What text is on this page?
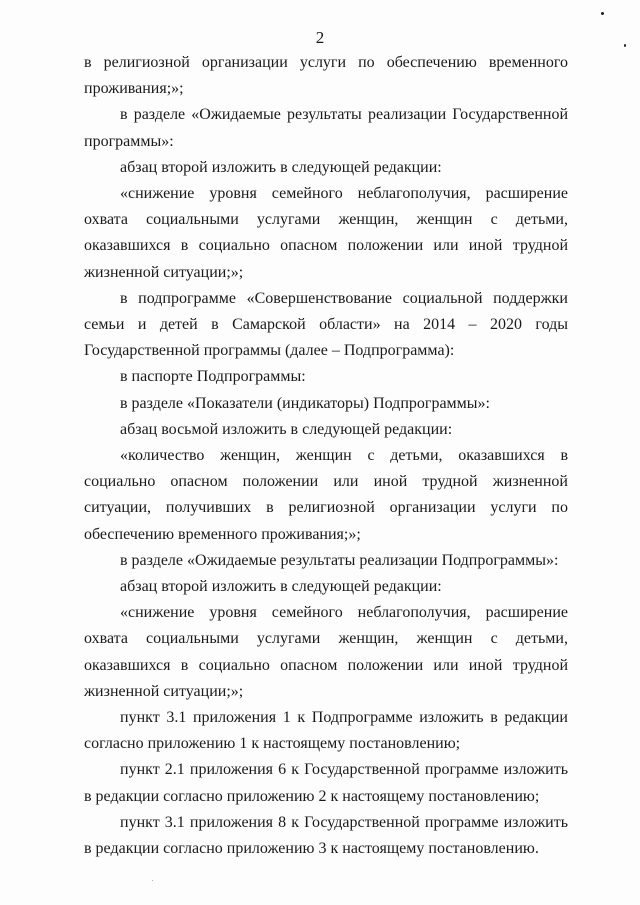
2

в религиозной организации услуги по обеспечению временного проживания;»;

в разделе «Ожидаемые результаты реализации Государственной программы»:

абзац второй изложить в следующей редакции:

«снижение уровня семейного неблагополучия, расширение охвата социальными услугами женщин, женщин с детьми, оказавшихся в социально опасном положении или иной трудной жизненной ситуации;»;

в подпрограмме «Совершенствование социальной поддержки семьи и детей в Самарской области» на 2014 – 2020 годы Государственной программы (далее – Подпрограмма):

в паспорте Подпрограммы:

в разделе «Показатели (индикаторы) Подпрограммы»:

абзац восьмой изложить в следующей редакции:

«количество женщин, женщин с детьми, оказавшихся в социально опасном положении или иной трудной жизненной ситуации, получивших в религиозной организации услуги по обеспечению временного проживания;»;

в разделе «Ожидаемые результаты реализации Подпрограммы»:

абзац второй изложить в следующей редакции:

«снижение уровня семейного неблагополучия, расширение охвата социальными услугами женщин, женщин с детьми, оказавшихся в социально опасном положении или иной трудной жизненной ситуации;»;

пункт 3.1 приложения 1 к Подпрограмме изложить в редакции согласно приложению 1 к настоящему постановлению;

пункт 2.1 приложения 6 к Государственной программе изложить в редакции согласно приложению 2 к настоящему постановлению;

пункт 3.1 приложения 8 к Государственной программе изложить в редакции согласно приложению 3 к настоящему постановлению.
